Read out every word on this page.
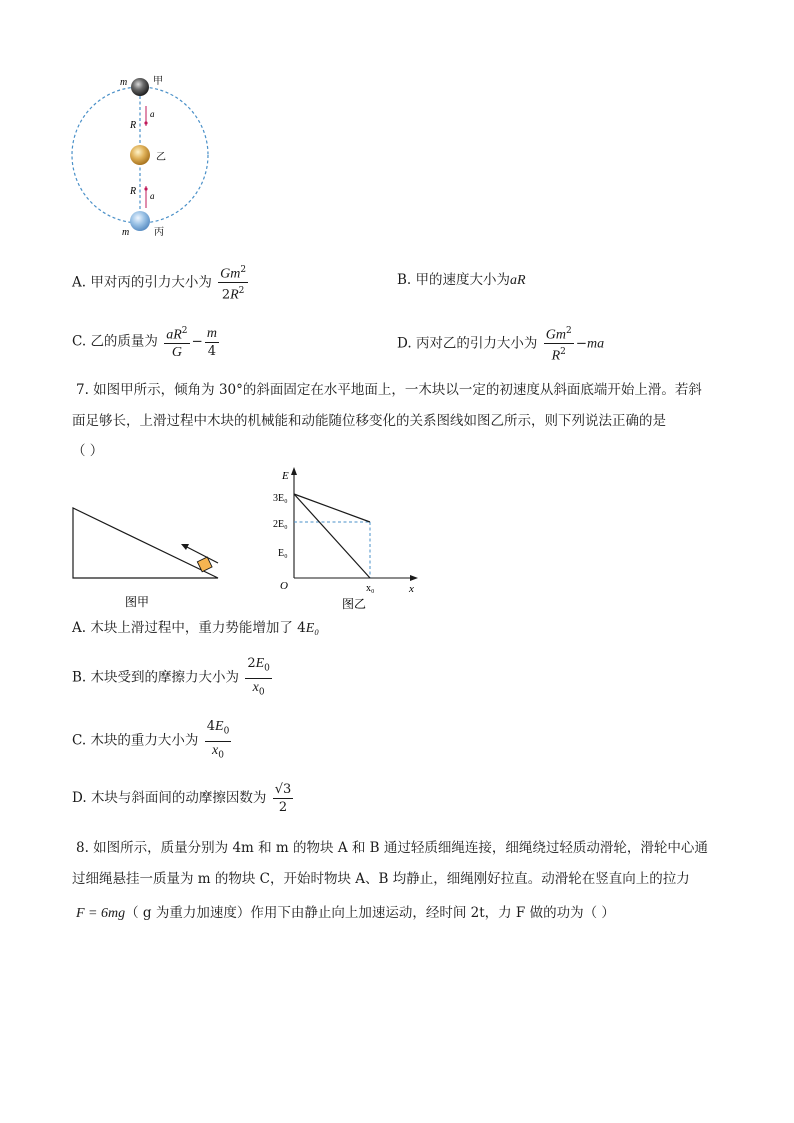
m	甲
R
a
乙
R a
m 丙
A. 甲对丙的引力大小为 $\frac{Gm^2}{2R^2}$	B. 甲的速度大小为aR
C. 乙的质量为 $\frac{aR^2}{G} - \frac{m}{4}$	D. 丙对乙的引力大小为 $\frac{Gm^2}{R^2} -ma$
7. 如图甲所示，倾角为 30°的斜面固定在水平地面上，一木块以一定的初速度从斜面底端开始上滑。若斜
面足够长，上滑过程中木块的机械能和动能随位移变化的关系图线如图乙所示，则下列说法正确的是
（ ）
图甲
E
x
O
3E₀
2E₀
E₀
x₀
图乙
A. 木块上滑过程中，重力势能增加了 4E₀
B. 木块受到的摩擦力大小为 $\frac{2E_0}{x_0}$
C. 木块的重力大小为 $\frac{4E_0}{x_0}$
D. 木块与斜面间的动摩擦因数为 $\frac{√3}{2}$
8. 如图所示，质量分别为 4m 和 m 的物块 A 和 B 通过轻质细绳连接，细绳绕过轻质动滑轮，滑轮中心通
过细绳悬挂一质量为 m 的物块 C，开始时物块 A、B 均静止，细绳刚好拉直。动滑轮在竖直向上的拉力
F = 6mg（ g 为重力加速度）作用下由静止向上加速运动，经时间 2t，力 F 做的功为（ ）
